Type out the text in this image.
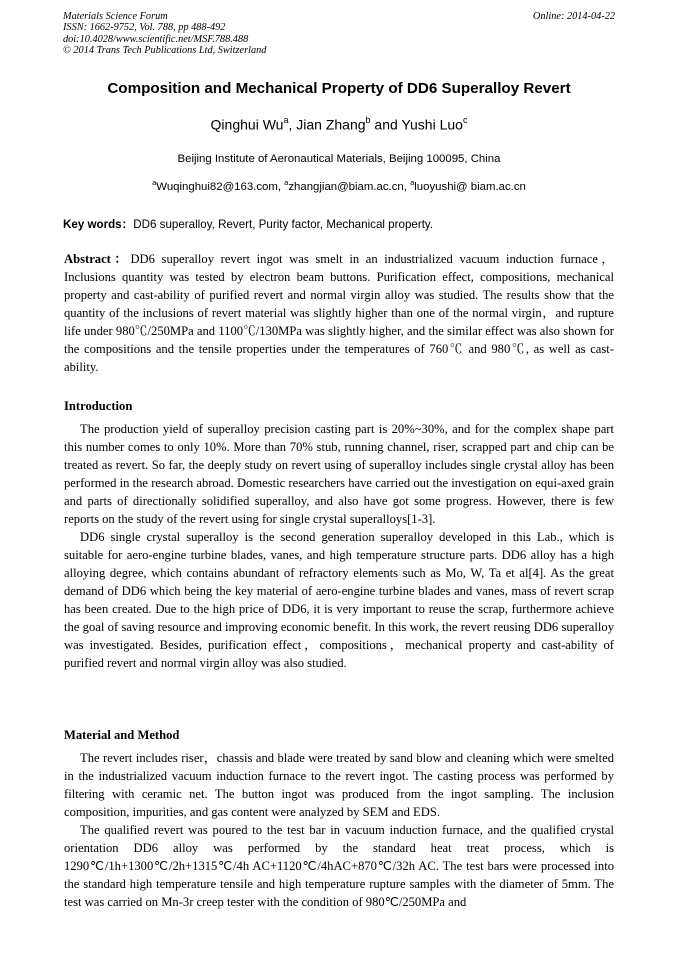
Materials Science Forum
ISSN: 1662-9752, Vol. 788, pp 488-492
doi:10.4028/www.scientific.net/MSF.788.488
© 2014 Trans Tech Publications Ltd, Switzerland
Online: 2014-04-22
Composition and Mechanical Property of DD6 Superalloy Revert
Qinghui Wu$^a$, Jian Zhang$^b$ and Yushi Luo$^c$
Beijing Institute of Aeronautical Materials, Beijing 100095, China
$^a$Wuqinghui82@163.com, $^a$zhangjian@biam.ac.cn, $^a$luoyushi@ biam.ac.cn
Key words：DD6 superalloy, Revert, Purity factor, Mechanical property.

Abstract：DD6 superalloy revert ingot was smelt in an industrialized vacuum induction furnace，Inclusions quantity was tested by electron beam buttons. Purification effect, compositions, mechanical property and cast-ability of purified revert and normal virgin alloy was studied. The results show that the quantity of the inclusions of revert material was slightly higher than one of the normal virgin，and rupture life under 980℃/250MPa and 1100℃/130MPa was slightly higher, and the similar effect was also shown for the compositions and the tensile properties under the temperatures of 760℃ and 980℃, as well as cast-ability.

Introduction

The production yield of superalloy precision casting part is 20%~30%, and for the complex shape part this number comes to only 10%. More than 70% stub, running channel, riser, scrapped part and chip can be treated as revert. So far, the deeply study on revert using of superalloy includes single crystal alloy has been performed in the research abroad. Domestic researchers have carried out the investigation on equi-axed grain and parts of directionally solidified superalloy, and also have got some progress. However, there is few reports on the study of the revert using for single crystal superalloys[1-3].

DD6 single crystal superalloy is the second generation superalloy developed in this Lab., which is suitable for aero-engine turbine blades, vanes, and high temperature structure parts. DD6 alloy has a high alloying degree, which contains abundant of refractory elements such as Mo, W, Ta et al[4]. As the great demand of DD6 which being the key material of aero-engine turbine blades and vanes, mass of revert scrap has been created. Due to the high price of DD6, it is very important to reuse the scrap, furthermore achieve the goal of saving resource and improving economic benefit. In this work, the revert reusing DD6 superalloy was investigated. Besides, purification effect，compositions，mechanical property and cast-ability of purified revert and normal virgin alloy was also studied.

Material and Method

The revert includes riser，chassis and blade were treated by sand blow and cleaning which were smelted in the industrialized vacuum induction furnace to the revert ingot. The casting process was performed by filtering with ceramic net. The button ingot was produced from the ingot sampling. The inclusion composition, impurities, and gas content were analyzed by SEM and EDS.

The qualified revert was poured to the test bar in vacuum induction furnace, and the qualified crystal orientation DD6 alloy was performed by the standard heat treat process, which is 1290℃/1h+1300℃/2h+1315℃/4h AC+1120℃/4hAC+870℃/32h AC. The test bars were processed into the standard high temperature tensile and high temperature rupture samples with the diameter of 5mm. The test was carried on Mn-3r creep tester with the condition of 980℃/250MPa and
